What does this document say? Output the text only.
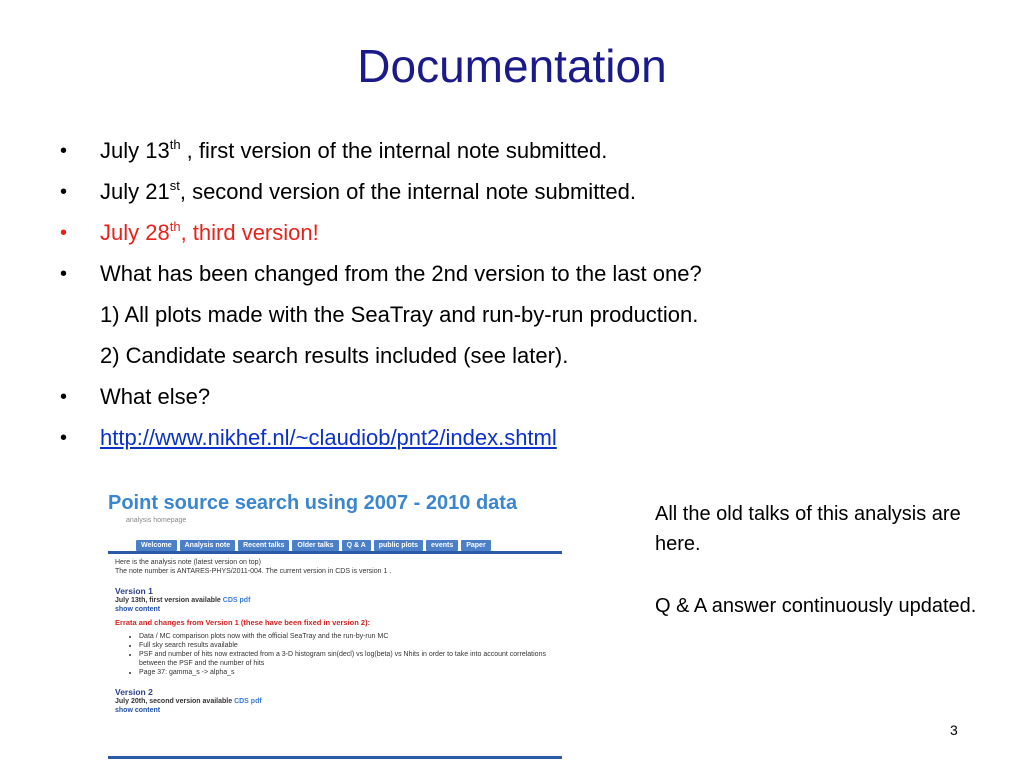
Documentation
• July 13th , first version of the internal note submitted.
• July 21st, second version of the internal note submitted.
• July 28th, third version!
• What has been changed from the 2nd version to the last one?
1) All plots made with the SeaTray and run-by-run production.
2) Candidate search results included (see later).
• What else?
• http://www.nikhef.nl/~claudiob/pnt2/index.shtml
Point source search using 2007 - 2010 data
analysis homepage
Welcome	Analysis note	Recent talks	Older talks	Q & A	public plots	events	Paper
Here is the analysis note (latest version on top)
The note number is ANTARES-PHYS/2011-004. The current version in CDS is version 1 .
Version 1
July 13th, first version available CDS pdf
show content
Errata and changes from Version 1 (these have been fixed in version 2):
• Data / MC comparison plots now with the official SeaTray and the run-by-run MC
• Full sky search results available
• PSF and number of hits now extracted from a 3-D histogram sin(decl) vs log(beta) vs Nhits in order to take into account correlations between the PSF and the number of hits
• Page 37: gamma_s -> alpha_s
Version 2
July 20th, second version available CDS pdf
show content

All the old talks of this analysis are here.

Q & A answer continuously updated.

3
